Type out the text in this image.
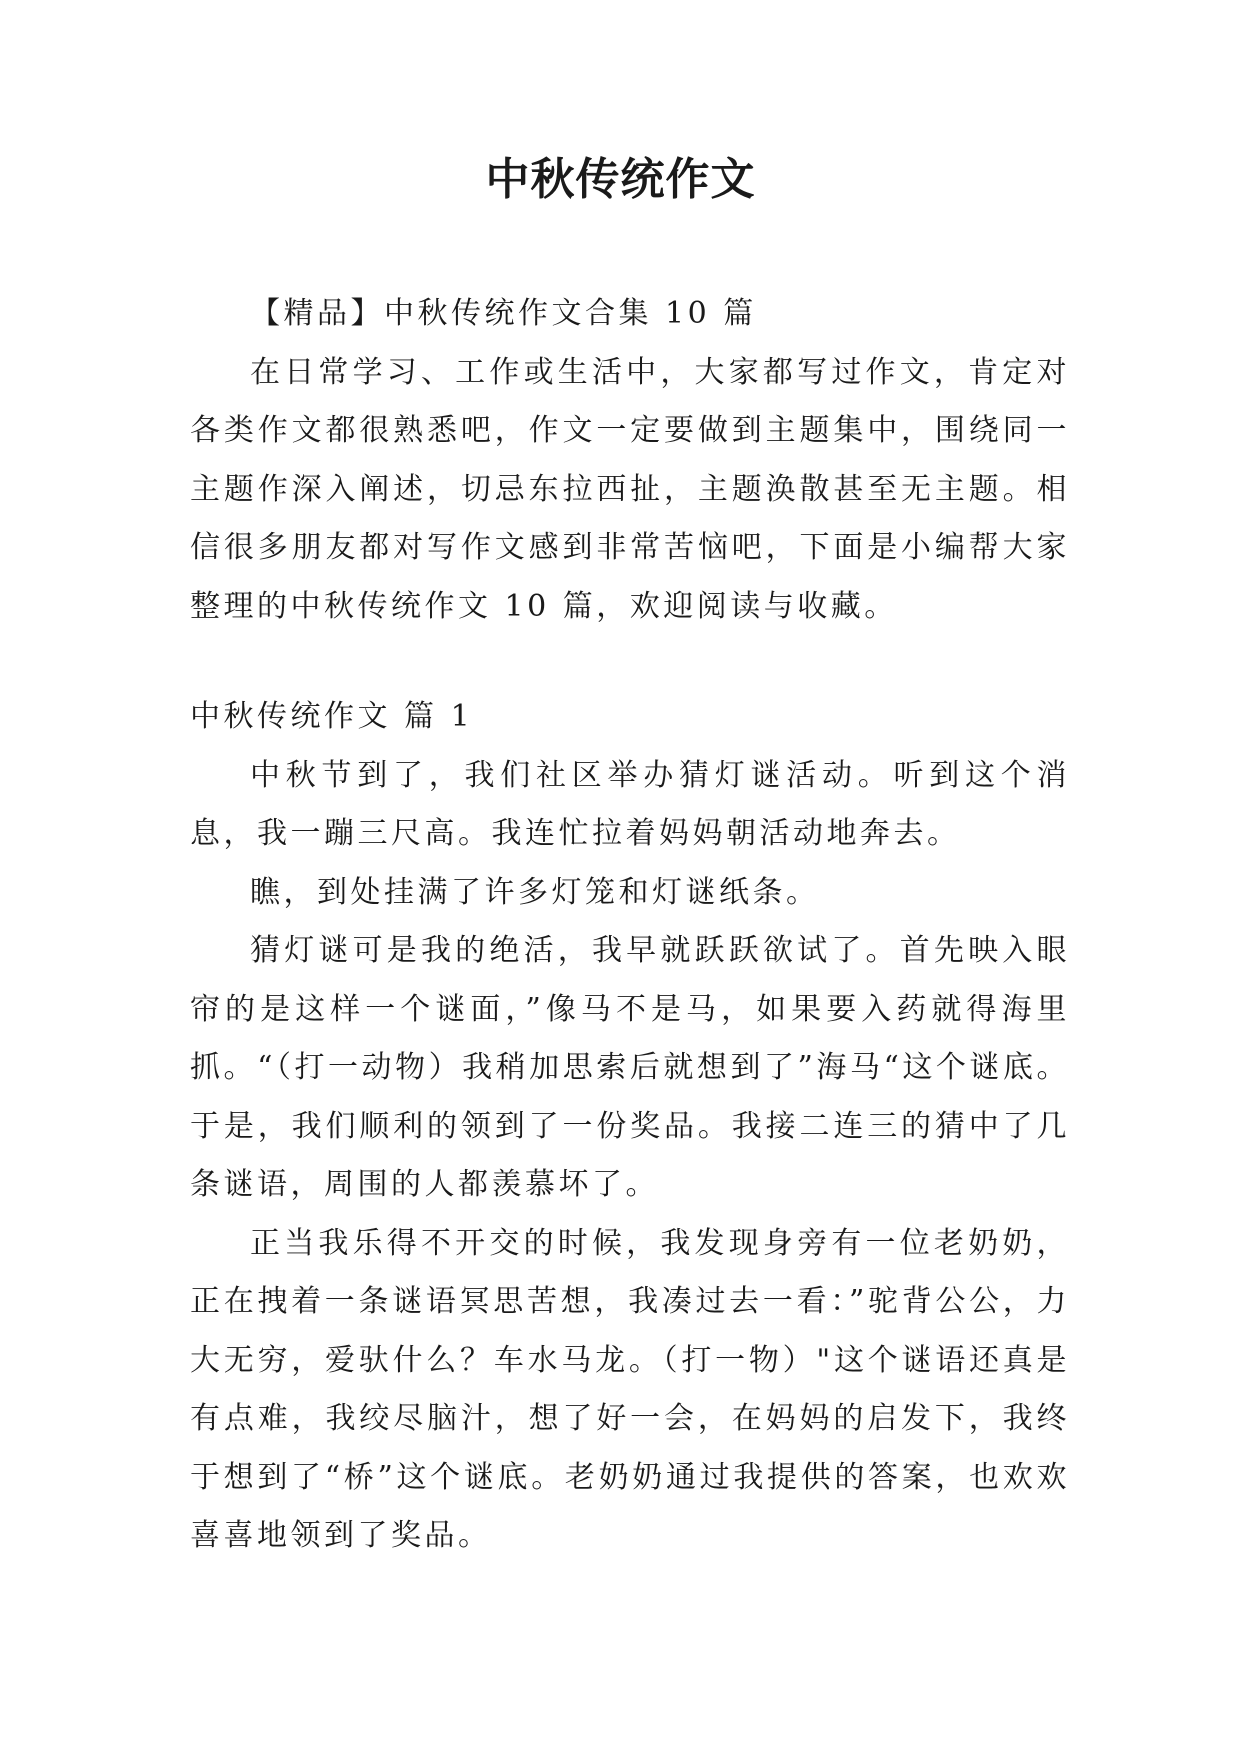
中秋传统作文

【精品】中秋传统作文合集 10 篇

在日常学习、工作或生活中，大家都写过作文，肯定对各类作文都很熟悉吧，作文一定要做到主题集中，围绕同一主题作深入阐述，切忌东拉西扯，主题涣散甚至无主题。相信很多朋友都对写作文感到非常苦恼吧，下面是小编帮大家整理的中秋传统作文 10 篇，欢迎阅读与收藏。

中秋传统作文 篇 1

中秋节到了，我们社区举办猜灯谜活动。听到这个消息，我一蹦三尺高。我连忙拉着妈妈朝活动地奔去。

瞧，到处挂满了许多灯笼和灯谜纸条。

猜灯谜可是我的绝活，我早就跃跃欲试了。首先映入眼帘的是这样一个谜面，”像马不是马，如果要入药就得海里抓。“（打一动物）我稍加思索后就想到了”海马“这个谜底。于是，我们顺利的领到了一份奖品。我接二连三的猜中了几条谜语，周围的人都羡慕坏了。

正当我乐得不开交的时候，我发现身旁有一位老奶奶，正在拽着一条谜语冥思苦想，我凑过去一看：”驼背公公，力大无穷，爱驮什么？车水马龙。（打一物）"这个谜语还真是有点难，我绞尽脑汁，想了好一会，在妈妈的启发下，我终于想到了“桥”这个谜底。老奶奶通过我提供的答案，也欢欢喜喜地领到了奖品。
